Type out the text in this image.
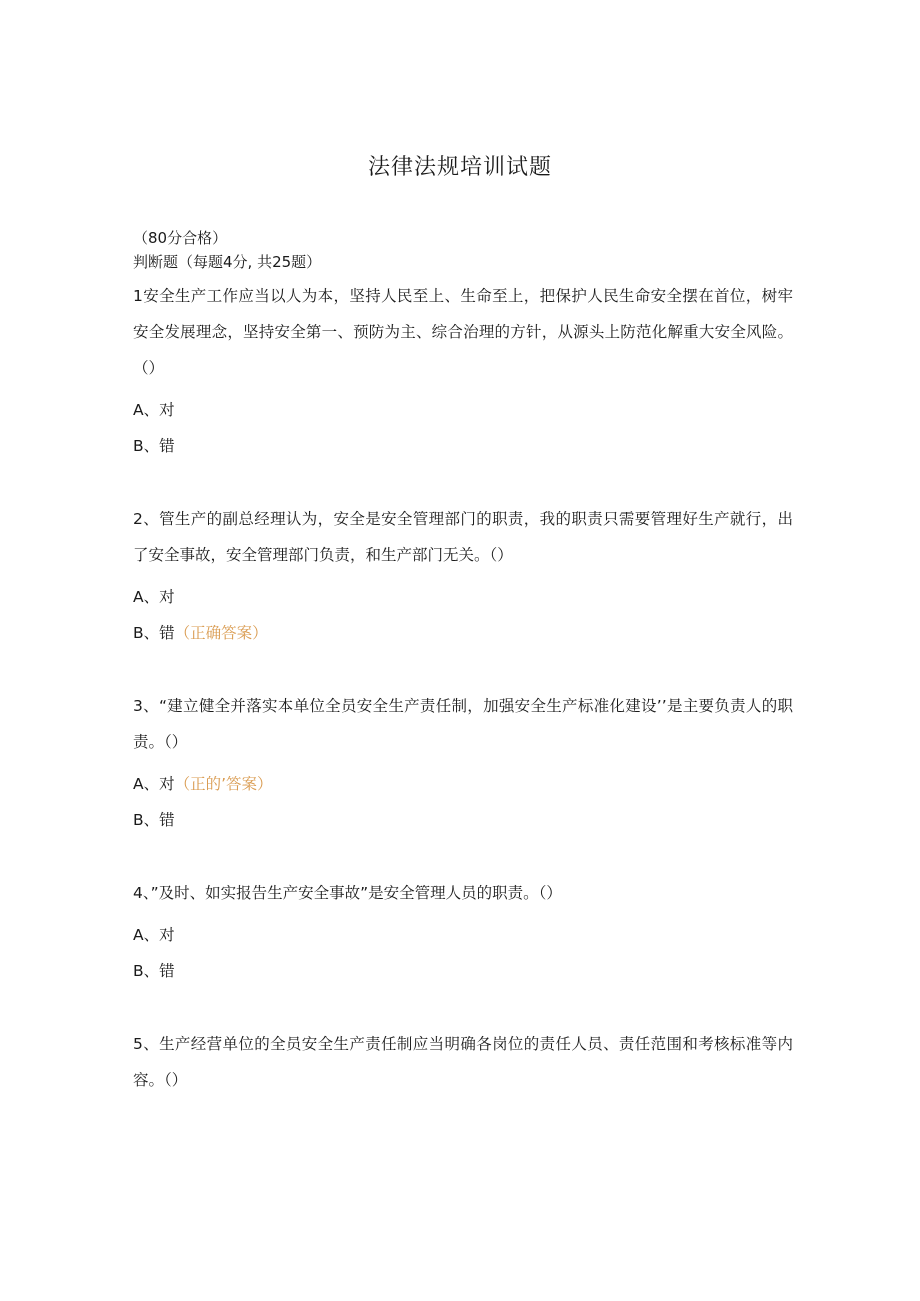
法律法规培训试题
（80分合格）
判断题（每题4分, 共25题）

1安全生产工作应当以人为本，坚持人民至上、生命至上，把保护人民生命安全摆在首位，树牢安全发展理念，坚持安全第一、预防为主、综合治理的方针，从源头上防范化解重大安全风险。（）

A、对

B、错

2、管生产的副总经理认为，安全是安全管理部门的职责，我的职责只需要管理好生产就行，出了安全事故，安全管理部门负责，和生产部门无关。（）

A、对

B、错（正确答案）

3、“建立健全并落实本单位全员安全生产责任制，加强安全生产标准化建设’’是主要负责人的职责。（）

A、对（正的’答案）

B、错

4、”及时、如实报告生产安全事故”是安全管理人员的职责。（）

A、对

B、错

5、生产经营单位的全员安全生产责任制应当明确各岗位的责任人员、责任范围和考核标准等内容。（）
